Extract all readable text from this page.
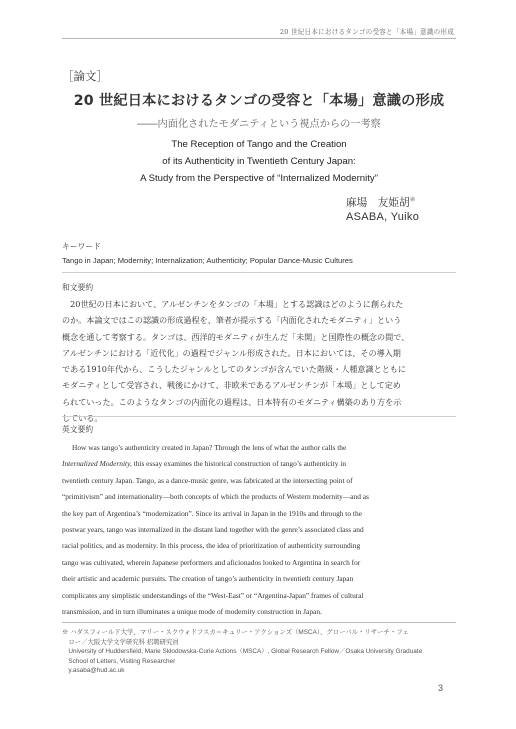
20 世紀日本におけるタンゴの受容と「本場」意識の形成
［論文］
20 世紀日本におけるタンゴの受容と「本場」意識の形成
――内面化されたモダニティという視点からの一考察
The Reception of Tango and the Creation
of its Authenticity in Twentieth Century Japan:
A Study from the Perspective of “Internalized Modernity”
麻場　友姫胡※
ASABA, Yuiko
キーワード
Tango in Japan; Modernity; Internalization; Authenticity; Popular Dance-Music Cultures
和文要約
　20世紀の日本において、アルゼンチンをタンゴの「本場」とする認識はどのように創られた
のか。本論文ではこの認識の形成過程を、筆者が提示する「内面化されたモダニティ」という
概念を通して考察する。タンゴは、西洋的モダニティが生んだ「未開」と国際性の概念の間で、
アルゼンチンにおける「近代化」の過程でジャンル形成された。日本においては、その導入期
である1910年代から、こうしたジャンルとしてのタンゴが含んでいた階級・人種意識とともに
モダニティとして受容され、戦後にかけて、非欧米であるアルゼンチンが「本場」として定め
られていった。このようなタンゴの内面化の過程は、日本特有のモダニティ構築のあり方を示
している。
英文要約
How was tango’s authenticity created in Japan? Through the lens of what the author calls the
Internalized Modernity, this essay examines the historical construction of tango’s authenticity in
twentieth century Japan. Tango, as a dance-music genre, was fabricated at the intersecting point of
“primitivism” and internationality—both concepts of which the products of Western modernity—and as
the key part of Argentina’s “modernization”. Since its arrival in Japan in the 1910s and through to the
postwar years, tango was internalized in the distant land together with the genre’s associated class and
racial politics, and as modernity. In this process, the idea of prioritization of authenticity surrounding
tango was cultivated, wherein Japanese performers and aficionados looked to Argentina in search for
their artistic and academic pursuits. The creation of tango’s authenticity in twentieth century Japan
complicates any simplistic understandings of the “West-East” or “Argentina-Japan” frames of cultural
transmission, and in turn illuminates a unique mode of modernity construction in Japan.
※ ハダスフィールド大学、マリー・スクウォドフスカ＝キュリー・アクションズ（MSCA）、グローバル・リサーチ・フェ
　ロー／大阪大学文学研究科 招聘研究員
　University of Huddersfield, Marie Skłodowska-Curie Actions（MSCA）, Global Research Fellow／Osaka University Graduate
　School of Letters, Visiting Researcher
　y.asaba@hud.ac.uk
3
